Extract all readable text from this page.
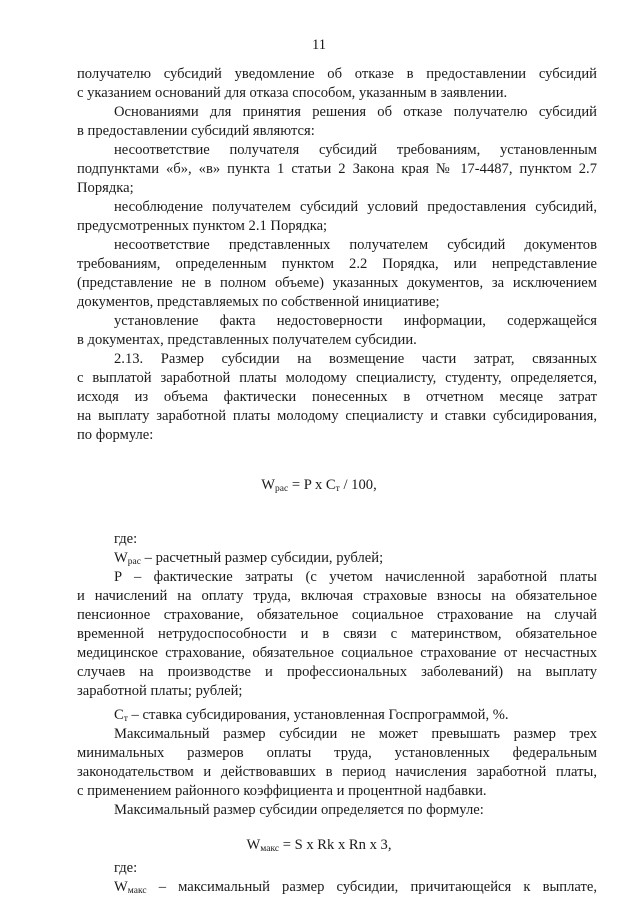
11
получателю субсидий уведомление об отказе в предоставлении субсидий
с указанием оснований для отказа способом, указанным в заявлении.
Основаниями для принятия решения об отказе получателю субсидий
в предоставлении субсидий являются:
несоответствие получателя субсидий требованиям, установленным
подпунктами «б», «в» пункта 1 статьи 2 Закона края № 17-4487, пунктом 2.7
Порядка;
несоблюдение получателем субсидий условий предоставления субсидий,
предусмотренных пунктом 2.1 Порядка;
несоответствие представленных получателем субсидий документов
требованиям, определенным пунктом 2.2 Порядка, или непредставление
(представление не в полном объеме) указанных документов, за исключением
документов, представляемых по собственной инициативе;
установление факта недостоверности информации, содержащейся
в документах, представленных получателем субсидии.
2.13. Размер субсидии на возмещение части затрат, связанных
с выплатой заработной платы молодому специалисту, студенту, определяется,
исходя из объема фактически понесенных в отчетном месяце затрат
на выплату заработной платы молодому специалисту и ставки субсидирования,
по формуле:
$W_{рас} = P$ x $C_т / 100$,
где:
$W_{рас}$ – расчетный размер субсидии, рублей;
P – фактические затраты (с учетом начисленной заработной платы
и начислений на оплату труда, включая страховые взносы на обязательное
пенсионное страхование, обязательное социальное страхование на случай
временной нетрудоспособности и в связи с материнством, обязательное
медицинское страхование, обязательное социальное страхование от несчастных
случаев на производстве и профессиональных заболеваний) на выплату
заработной платы; рублей;
$C_т$ – ставка субсидирования, установленная Госпрограммой, %.
Максимальный размер субсидии не может превышать размер трех
минимальных размеров оплаты труда, установленных федеральным
законодательством и действовавших в период начисления заработной платы,
с применением районного коэффициента и процентной надбавки.
Максимальный размер субсидии определяется по формуле:
$W_{макс} = S$ x Rk x Rn x 3,
где:
$W_{макс}$ – максимальный размер субсидии, причитающейся к выплате,
